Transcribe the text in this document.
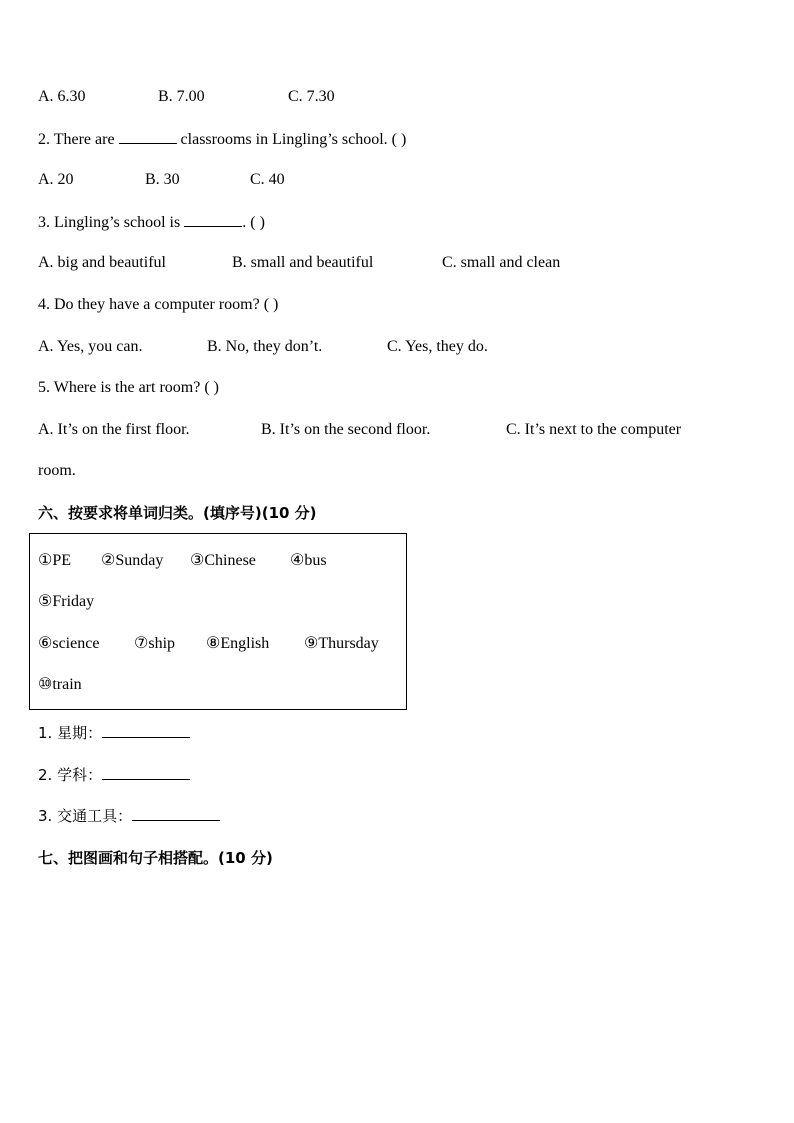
A. 6.30	B. 7.00	C. 7.30
2. There are	classrooms in Lingling’s school. ( )
A. 20	B. 30	C. 40
3. Lingling’s school is	. ( )
A. big and beautiful	B. small and beautiful	C. small and clean
4. Do they have a computer room? ( )
A. Yes, you can.	B. No, they don’t.	C. Yes, they do.
5. Where is the art room? ( )
A. It’s on the first floor.	B. It’s on the second floor.	C. It’s next to the computer
room.
六、按要求将单词归类。(填序号)(10 分)
①PE ②Sunday ③Chinese ④bus
⑤Friday
⑥science ⑦ship ⑧English ⑨Thursday
⑩train
1. 星期：
2. 学科：
3. 交通工具：
七、把图画和句子相搭配。(10 分)
